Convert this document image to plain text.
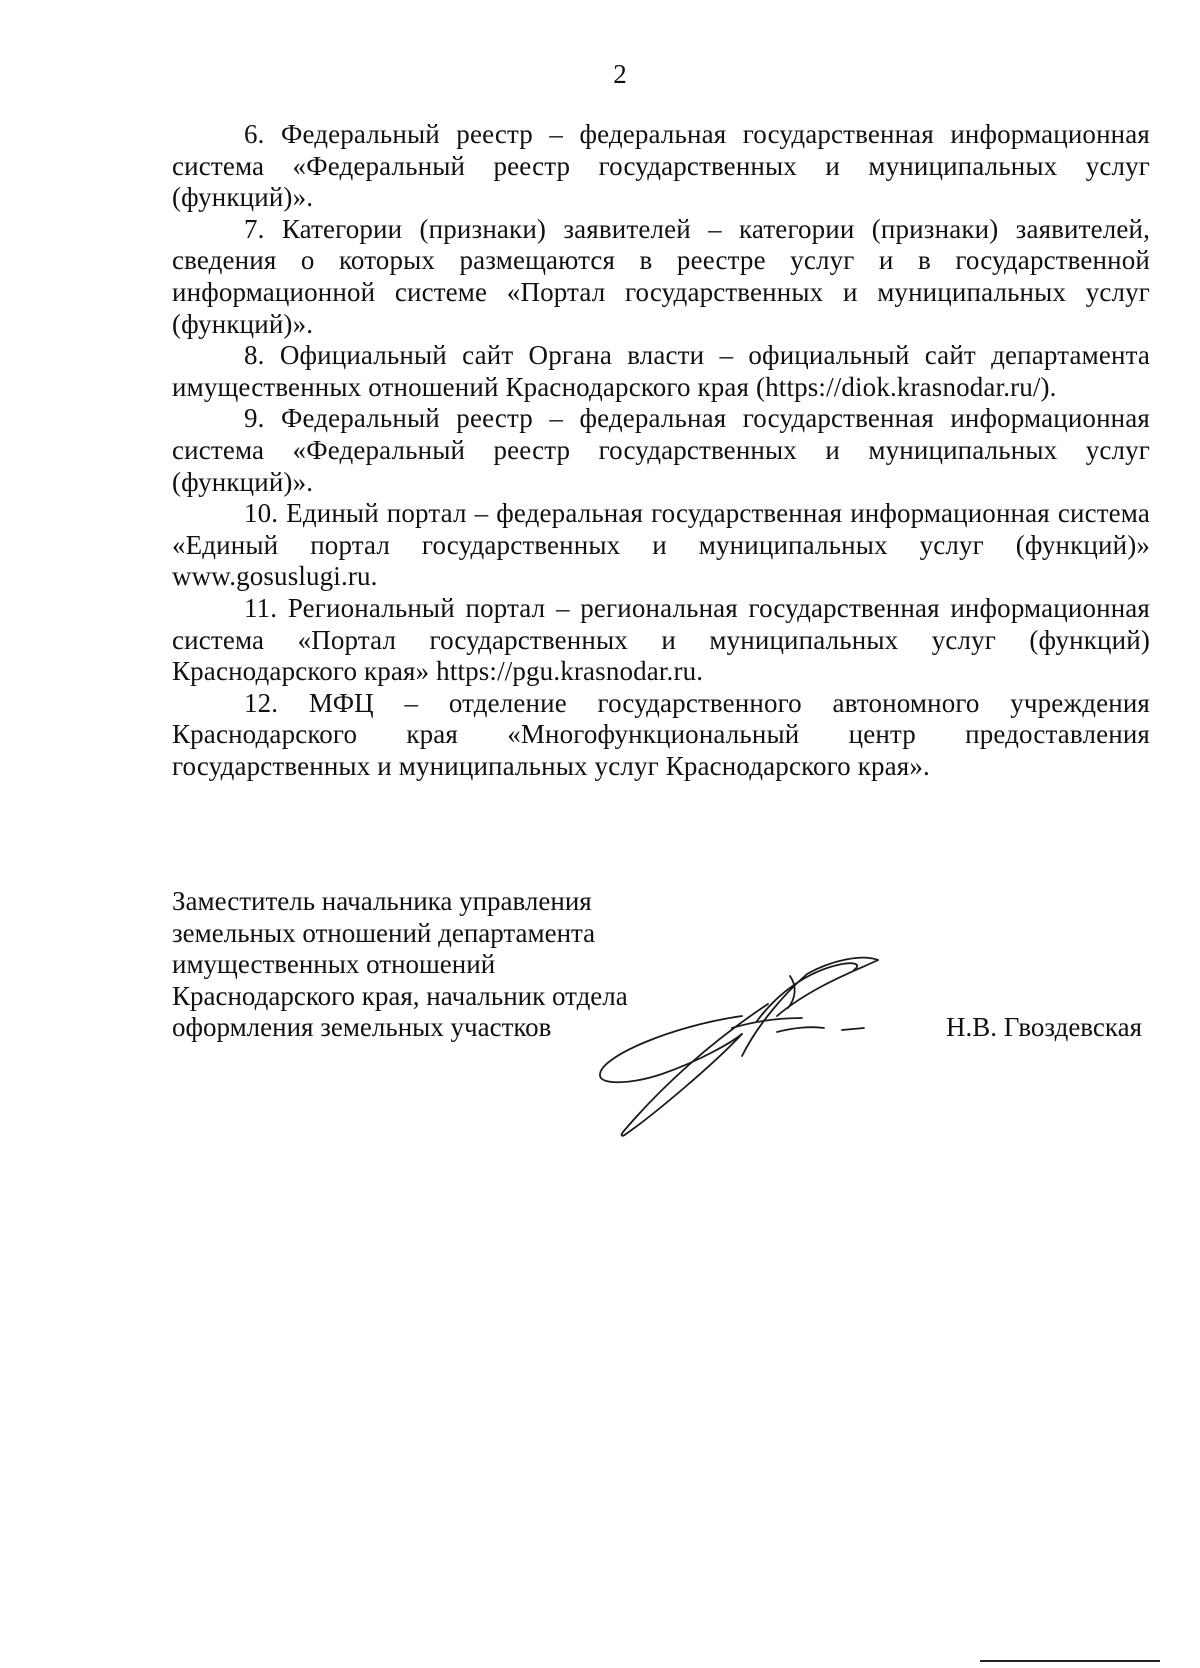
2

6. Федеральный реестр – федеральная государственная информационная система «Федеральный реестр государственных и муниципальных услуг (функций)».

7. Категории (признаки) заявителей – категории (признаки) заявителей, сведения о которых размещаются в реестре услуг и в государственной информационной системе «Портал государственных и муниципальных услуг (функций)».

8. Официальный сайт Органа власти – официальный сайт департамента имущественных отношений Краснодарского края (https://diok.krasnodar.ru/).

9. Федеральный реестр – федеральная государственная информационная система «Федеральный реестр государственных и муниципальных услуг (функций)».

10. Единый портал – федеральная государственная информационная система «Единый портал государственных и муниципальных услуг (функций)» www.gosuslugi.ru.

11. Региональный портал – региональная государственная информационная система «Портал государственных и муниципальных услуг (функций) Краснодарского края» https://pgu.krasnodar.ru.

12. МФЦ – отделение государственного автономного учреждения Краснодарского края «Многофункциональный центр предоставления государственных и муниципальных услуг Краснодарского края».

Заместитель начальника управления
земельных отношений департамента
имущественных отношений
Краснодарского края, начальник отдела
оформления земельных участков	Н.В. Гвоздевская
